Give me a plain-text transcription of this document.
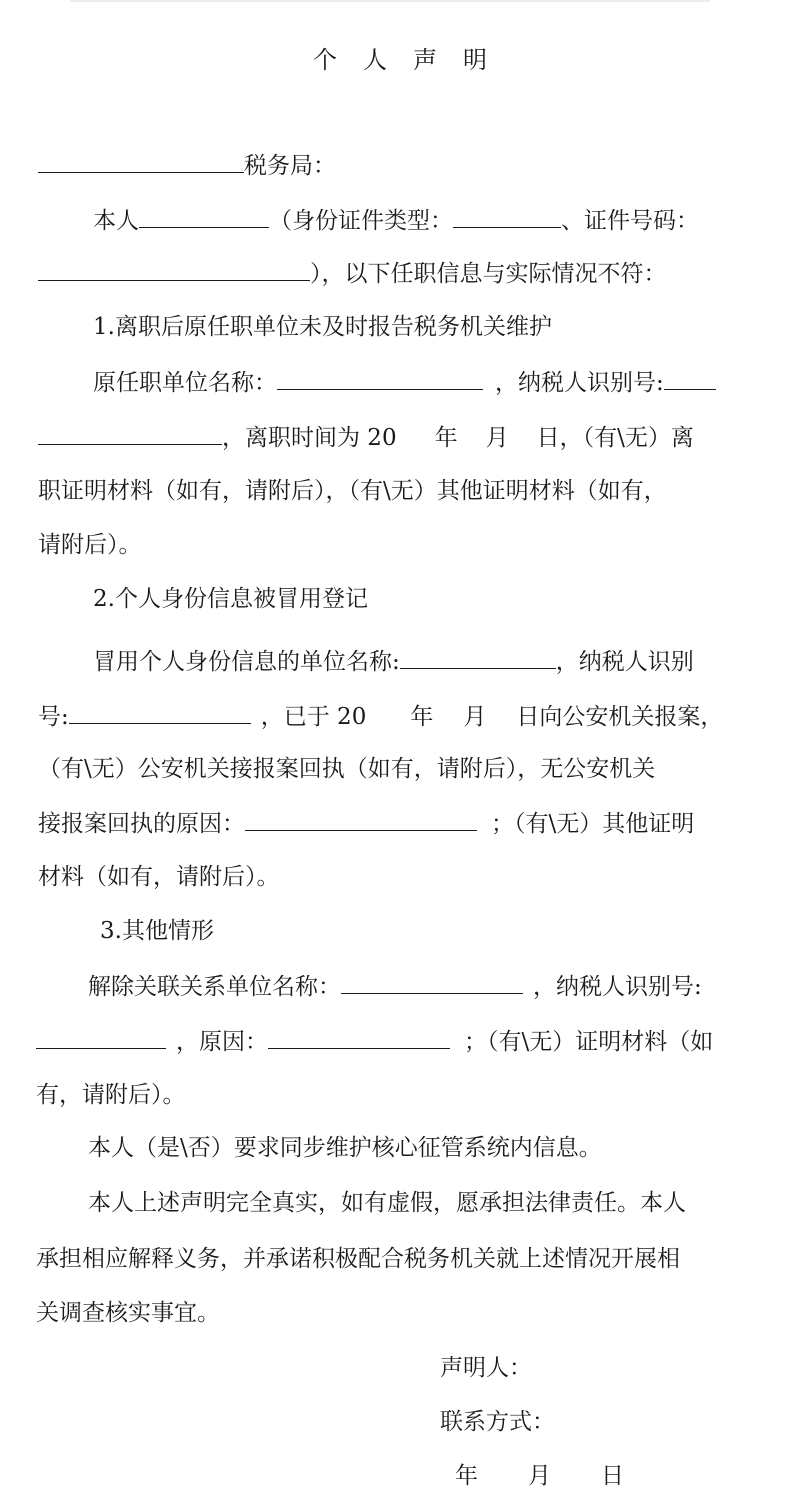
个人声明
税务局：
本人	（身份证件类型：	、证件号码：
），以下任职信息与实际情况不符：
1.离职后原任职单位未及时报告税务机关维护
原任职单位名称：	，纳税人识别号:
，离职时间为 20 年 月 日，（有\无）离
职证明材料（如有，请附后），（有\无）其他证明材料（如有，
请附后）。
2.个人身份信息被冒用登记
冒用个人身份信息的单位名称:	，纳税人识别
号:	，已于 20 年 月 日向公安机关报案，
（有\无）公安机关接报案回执（如有，请附后），无公安机关
接报案回执的原因：	；（有\无）其他证明
材料（如有，请附后）。
3.其他情形
解除关联关系单位名称：	，纳税人识别号:
，原因：	；（有\无）证明材料（如
有，请附后）。
本人（是\否）要求同步维护核心征管系统内信息。
本人上述声明完全真实，如有虚假，愿承担法律责任。本人
承担相应解释义务，并承诺积极配合税务机关就上述情况开展相
关调查核实事宜。
声明人：
联系方式：
年 月 日
